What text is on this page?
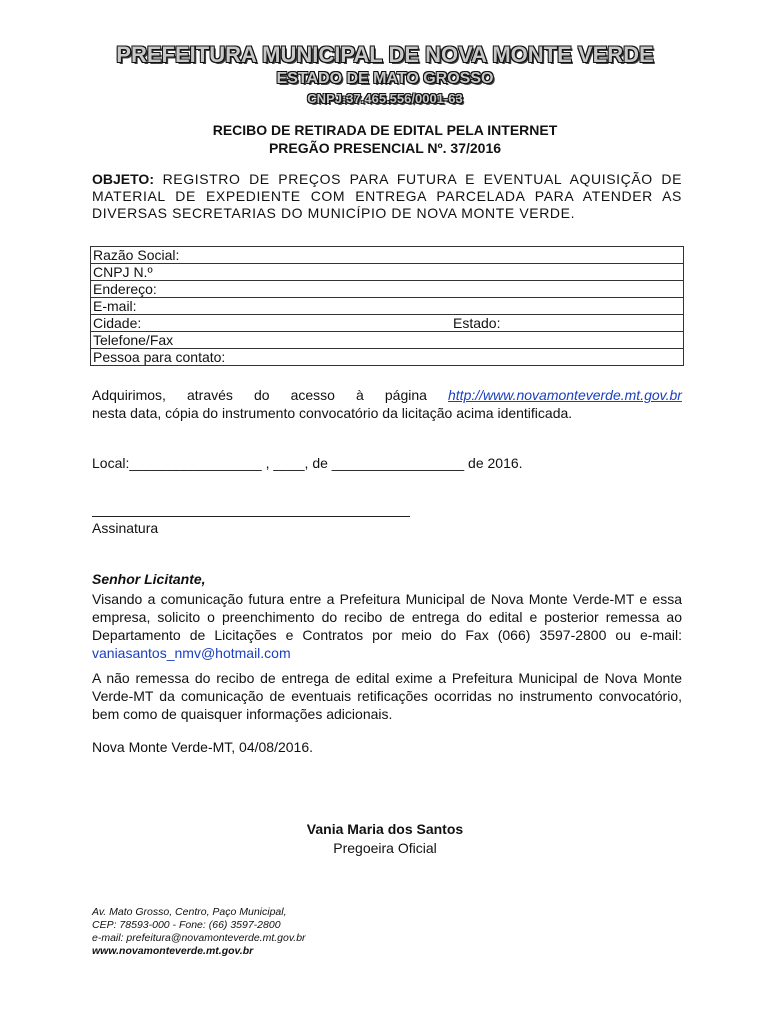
PREFEITURA MUNICIPAL DE NOVA MONTE VERDE
ESTADO DE MATO GROSSO
CNPJ:37.465.556/0001-63
RECIBO DE RETIRADA DE EDITAL PELA INTERNET
PREGÃO PRESENCIAL Nº. 37/2016
OBJETO: REGISTRO DE PREÇOS PARA FUTURA E EVENTUAL AQUISIÇÃO DE MATERIAL DE EXPEDIENTE COM ENTREGA PARCELADA PARA ATENDER AS DIVERSAS SECRETARIAS DO MUNICÍPIO DE NOVA MONTE VERDE.
Razão Social:
CNPJ N.º
Endereço:
E-mail:
Cidade:	Estado:

Telefone/Fax
Pessoa para contato:
Adquirimos, através do acesso à página http://www.novamonteverde.mt.gov.br
nesta data, cópia do instrumento convocatório da licitação acima identificada.
Local:_________________ , ____, de _________________ de 2016.
Assinatura
Senhor Licitante,
Visando a comunicação futura entre a Prefeitura Municipal de Nova Monte Verde-MT e essa empresa, solicito o preenchimento do recibo de entrega do edital e posterior remessa ao Departamento de Licitações e Contratos por meio do Fax (066) 3597-2800 ou e-mail: vaniasantos_nmv@hotmail.com
A não remessa do recibo de entrega de edital exime a Prefeitura Municipal de Nova Monte Verde-MT da comunicação de eventuais retificações ocorridas no instrumento convocatório, bem como de quaisquer informações adicionais.
Nova Monte Verde-MT, 04/08/2016.
Vania Maria dos Santos
Pregoeira Oficial
Av. Mato Grosso, Centro, Paço Municipal,
CEP: 78593-000 - Fone: (66) 3597-2800
e-mail: prefeitura@novamonteverde.mt.gov.br
www.novamonteverde.mt.gov.br
